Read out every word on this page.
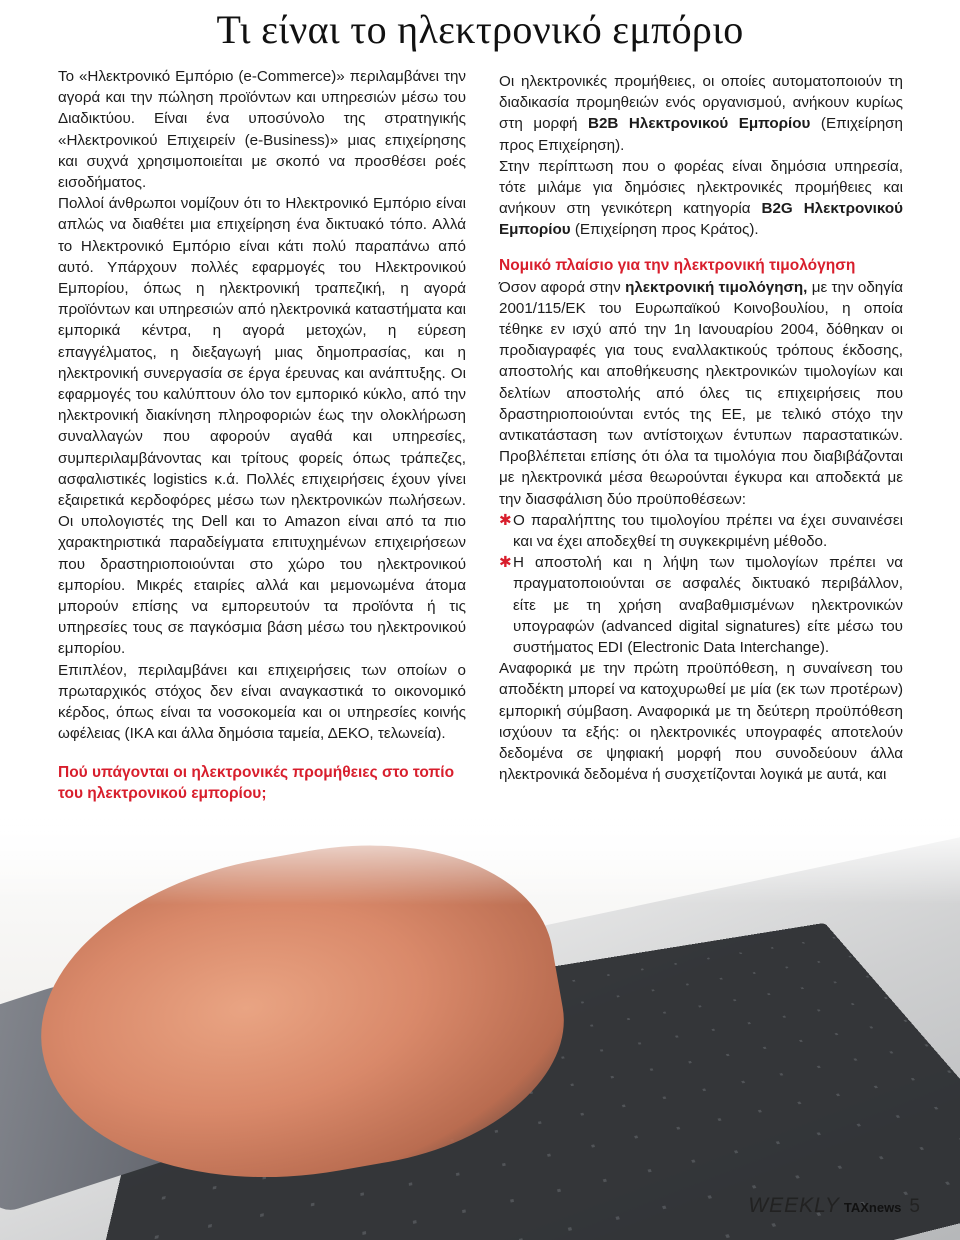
Τι είναι το ηλεκτρονικό εμπόριο

Το «Ηλεκτρονικό Εμπόριο (e-Commerce)» περιλαμβάνει την αγορά και την πώληση προϊόντων και υπηρεσιών μέσω του Διαδικτύου. Είναι ένα υποσύνολο της στρατηγικής «Ηλεκτρονικού Επιχειρείν (e-Business)» μιας επιχείρησης και συχνά χρησιμοποιείται με σκοπό να προσθέσει ροές εισοδήματος.

Πολλοί άνθρωποι νομίζουν ότι το Ηλεκτρονικό Εμπόριο είναι απλώς να διαθέτει μια επιχείρηση ένα δικτυακό τόπο. Αλλά το Ηλεκτρονικό Εμπόριο είναι κάτι πολύ παραπάνω από αυτό. Υπάρχουν πολλές εφαρμογές του Ηλεκτρονικού Εμπορίου, όπως η ηλεκτρονική τραπεζική, η αγορά προϊόντων και υπηρεσιών από ηλεκτρονικά καταστήματα και εμπορικά κέντρα, η αγορά μετοχών, η εύρεση επαγγέλματος, η διεξαγωγή μιας δημοπρασίας, και η ηλεκτρονική συνεργασία σε έργα έρευνας και ανάπτυξης. Οι εφαρμογές του καλύπτουν όλο τον εμπορικό κύκλο, από την ηλεκτρονική διακίνηση πληροφοριών έως την ολοκλήρωση συναλλαγών που αφορούν αγαθά και υπηρεσίες, συμπεριλαμβάνοντας και τρίτους φορείς όπως τράπεζες, ασφαλιστικές logistics κ.ά. Πολλές επιχειρήσεις έχουν γίνει εξαιρετικά κερδοφόρες μέσω των ηλεκτρονικών πωλήσεων. Οι υπολογιστές της Dell και το Amazon είναι από τα πιο χαρακτηριστικά παραδείγματα επιτυχημένων επιχειρήσεων που δραστηριοποιούνται στο χώρο του ηλεκτρονικού εμπορίου. Μικρές εταιρίες αλλά και μεμονωμένα άτομα μπορούν επίσης να εμπορευτούν τα προϊόντα ή τις υπηρεσίες τους σε παγκόσμια βάση μέσω του ηλεκτρονικού εμπορίου.

Επιπλέον, περιλαμβάνει και επιχειρήσεις των οποίων ο πρωταρχικός στόχος δεν είναι αναγκαστικά το οικονομικό κέρδος, όπως είναι τα νοσοκομεία και οι υπηρεσίες κοινής ωφέλειας (ΙΚΑ και άλλα δημόσια ταμεία, ΔΕΚΟ, τελωνεία).

Πού υπάγονται οι ηλεκτρονικές προμήθειες στο τοπίο του ηλεκτρονικού εμπορίου;

Οι ηλεκτρονικές προμήθειες, οι οποίες αυτοματοποιούν τη διαδικασία προμηθειών ενός οργανισμού, ανήκουν κυρίως στη μορφή B2B Ηλεκτρονικού Εμπορίου (Επιχείρηση προς Επιχείρηση).

Στην περίπτωση που ο φορέας είναι δημόσια υπηρεσία, τότε μιλάμε για δημόσιες ηλεκτρονικές προμήθειες και ανήκουν στη γενικότερη κατηγορία B2G Ηλεκτρονικού Εμπορίου (Επιχείρηση προς Κράτος).

Νομικό πλαίσιο για την ηλεκτρονική τιμολόγηση

Όσον αφορά στην ηλεκτρονική τιμολόγηση, με την οδηγία 2001/115/ΕΚ του Ευρωπαϊκού Κοινοβουλίου, η οποία τέθηκε εν ισχύ από την 1η Ιανουαρίου 2004, δόθηκαν οι προδιαγραφές για τους εναλλακτικούς τρόπους έκδοσης, αποστολής και αποθήκευσης ηλεκτρονικών τιμολογίων και δελτίων αποστολής από όλες τις επιχειρήσεις που δραστηριοποιούνται εντός της ΕΕ, με τελικό στόχο την αντικατάσταση των αντίστοιχων έντυπων παραστατικών. Προβλέπεται επίσης ότι όλα τα τιμολόγια που διαβιβάζονται με ηλεκτρονικά μέσα θεωρούνται έγκυρα και αποδεκτά με την διασφάλιση δύο προϋποθέσεων:

✱ Ο παραλήπτης του τιμολογίου πρέπει να έχει συναινέσει και να έχει αποδεχθεί τη συγκεκριμένη μέθοδο.
✱ Η αποστολή και η λήψη των τιμολογίων πρέπει να πραγματοποιούνται σε ασφαλές δικτυακό περιβάλλον, είτε με τη χρήση αναβαθμισμένων ηλεκτρονικών υπογραφών (advanced digital signatures) είτε μέσω του συστήματος EDI (Electronic Data Interchange).

Αναφορικά με την πρώτη προϋπόθεση, η συναίνεση του αποδέκτη μπορεί να κατοχυρωθεί με μία (εκ των προτέρων) εμπορική σύμβαση. Αναφορικά με τη δεύτερη προϋπόθεση ισχύουν τα εξής: οι ηλεκτρονικές υπογραφές αποτελούν δεδομένα σε ψηφιακή μορφή που συνοδεύουν άλλα ηλεκτρονικά δεδομένα ή συσχετίζονται λογικά με αυτά, και

WEEKLY TAXnews 5
